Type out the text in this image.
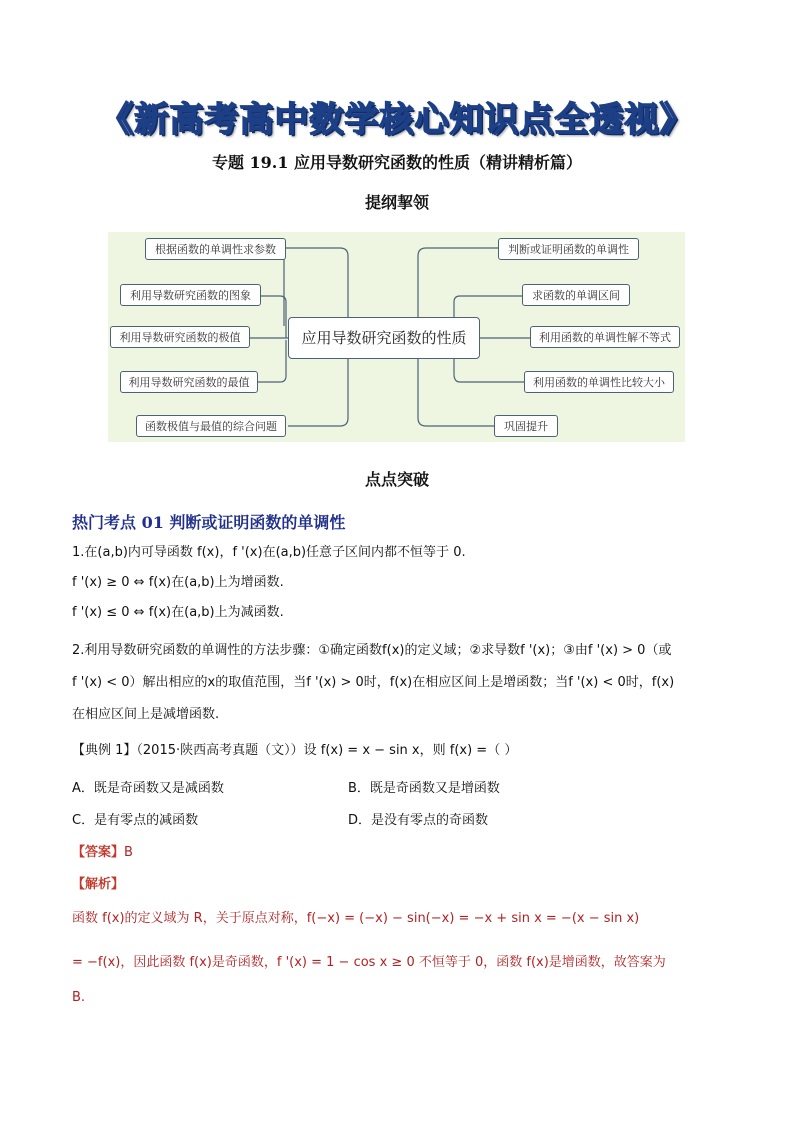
《新高考高中数学核心知识点全透视》
专题 19.1 应用导数研究函数的性质（精讲精析篇）
提纲挈领
根据函数的单调性求参数
利用导数研究函数的图象
利用导数研究函数的极值
利用导数研究函数的最值
函数极值与最值的综合问题
应用导数研究函数的性质
判断或证明函数的单调性
求函数的单调区间
利用函数的单调性解不等式
利用函数的单调性比较大小
巩固提升
点点突破
热门考点 01 判断或证明函数的单调性
1.在(a,b)内可导函数 f(x)，f '(x)在(a,b)任意子区间内都不恒等于 0.
f '(x) ≥ 0 ⇔ f(x)在(a,b)上为增函数.
f '(x) ≤ 0 ⇔ f(x)在(a,b)上为减函数.
2.利用导数研究函数的单调性的方法步骤：①确定函数f(x)的定义域；②求导数f '(x)；③由f '(x) > 0（或
f '(x) < 0）解出相应的x的取值范围，当f '(x) > 0时，f(x)在相应区间上是增函数；当f '(x) < 0时，f(x)
在相应区间上是减增函数.
【典例 1】（2015·陕西高考真题（文））设 f(x) = x − sin x，则 f(x) =（ ）
A．既是奇函数又是减函数	B．既是奇函数又是增函数
C．是有零点的减函数	D．是没有零点的奇函数
【答案】B
【解析】
函数 f(x)的定义域为 R，关于原点对称，f(−x) = (−x) − sin(−x) = −x + sin x = −(x − sin x)
= −f(x)，因此函数 f(x)是奇函数，f '(x) = 1 − cos x ≥ 0 不恒等于 0，函数 f(x)是增函数，故答案为
B.
